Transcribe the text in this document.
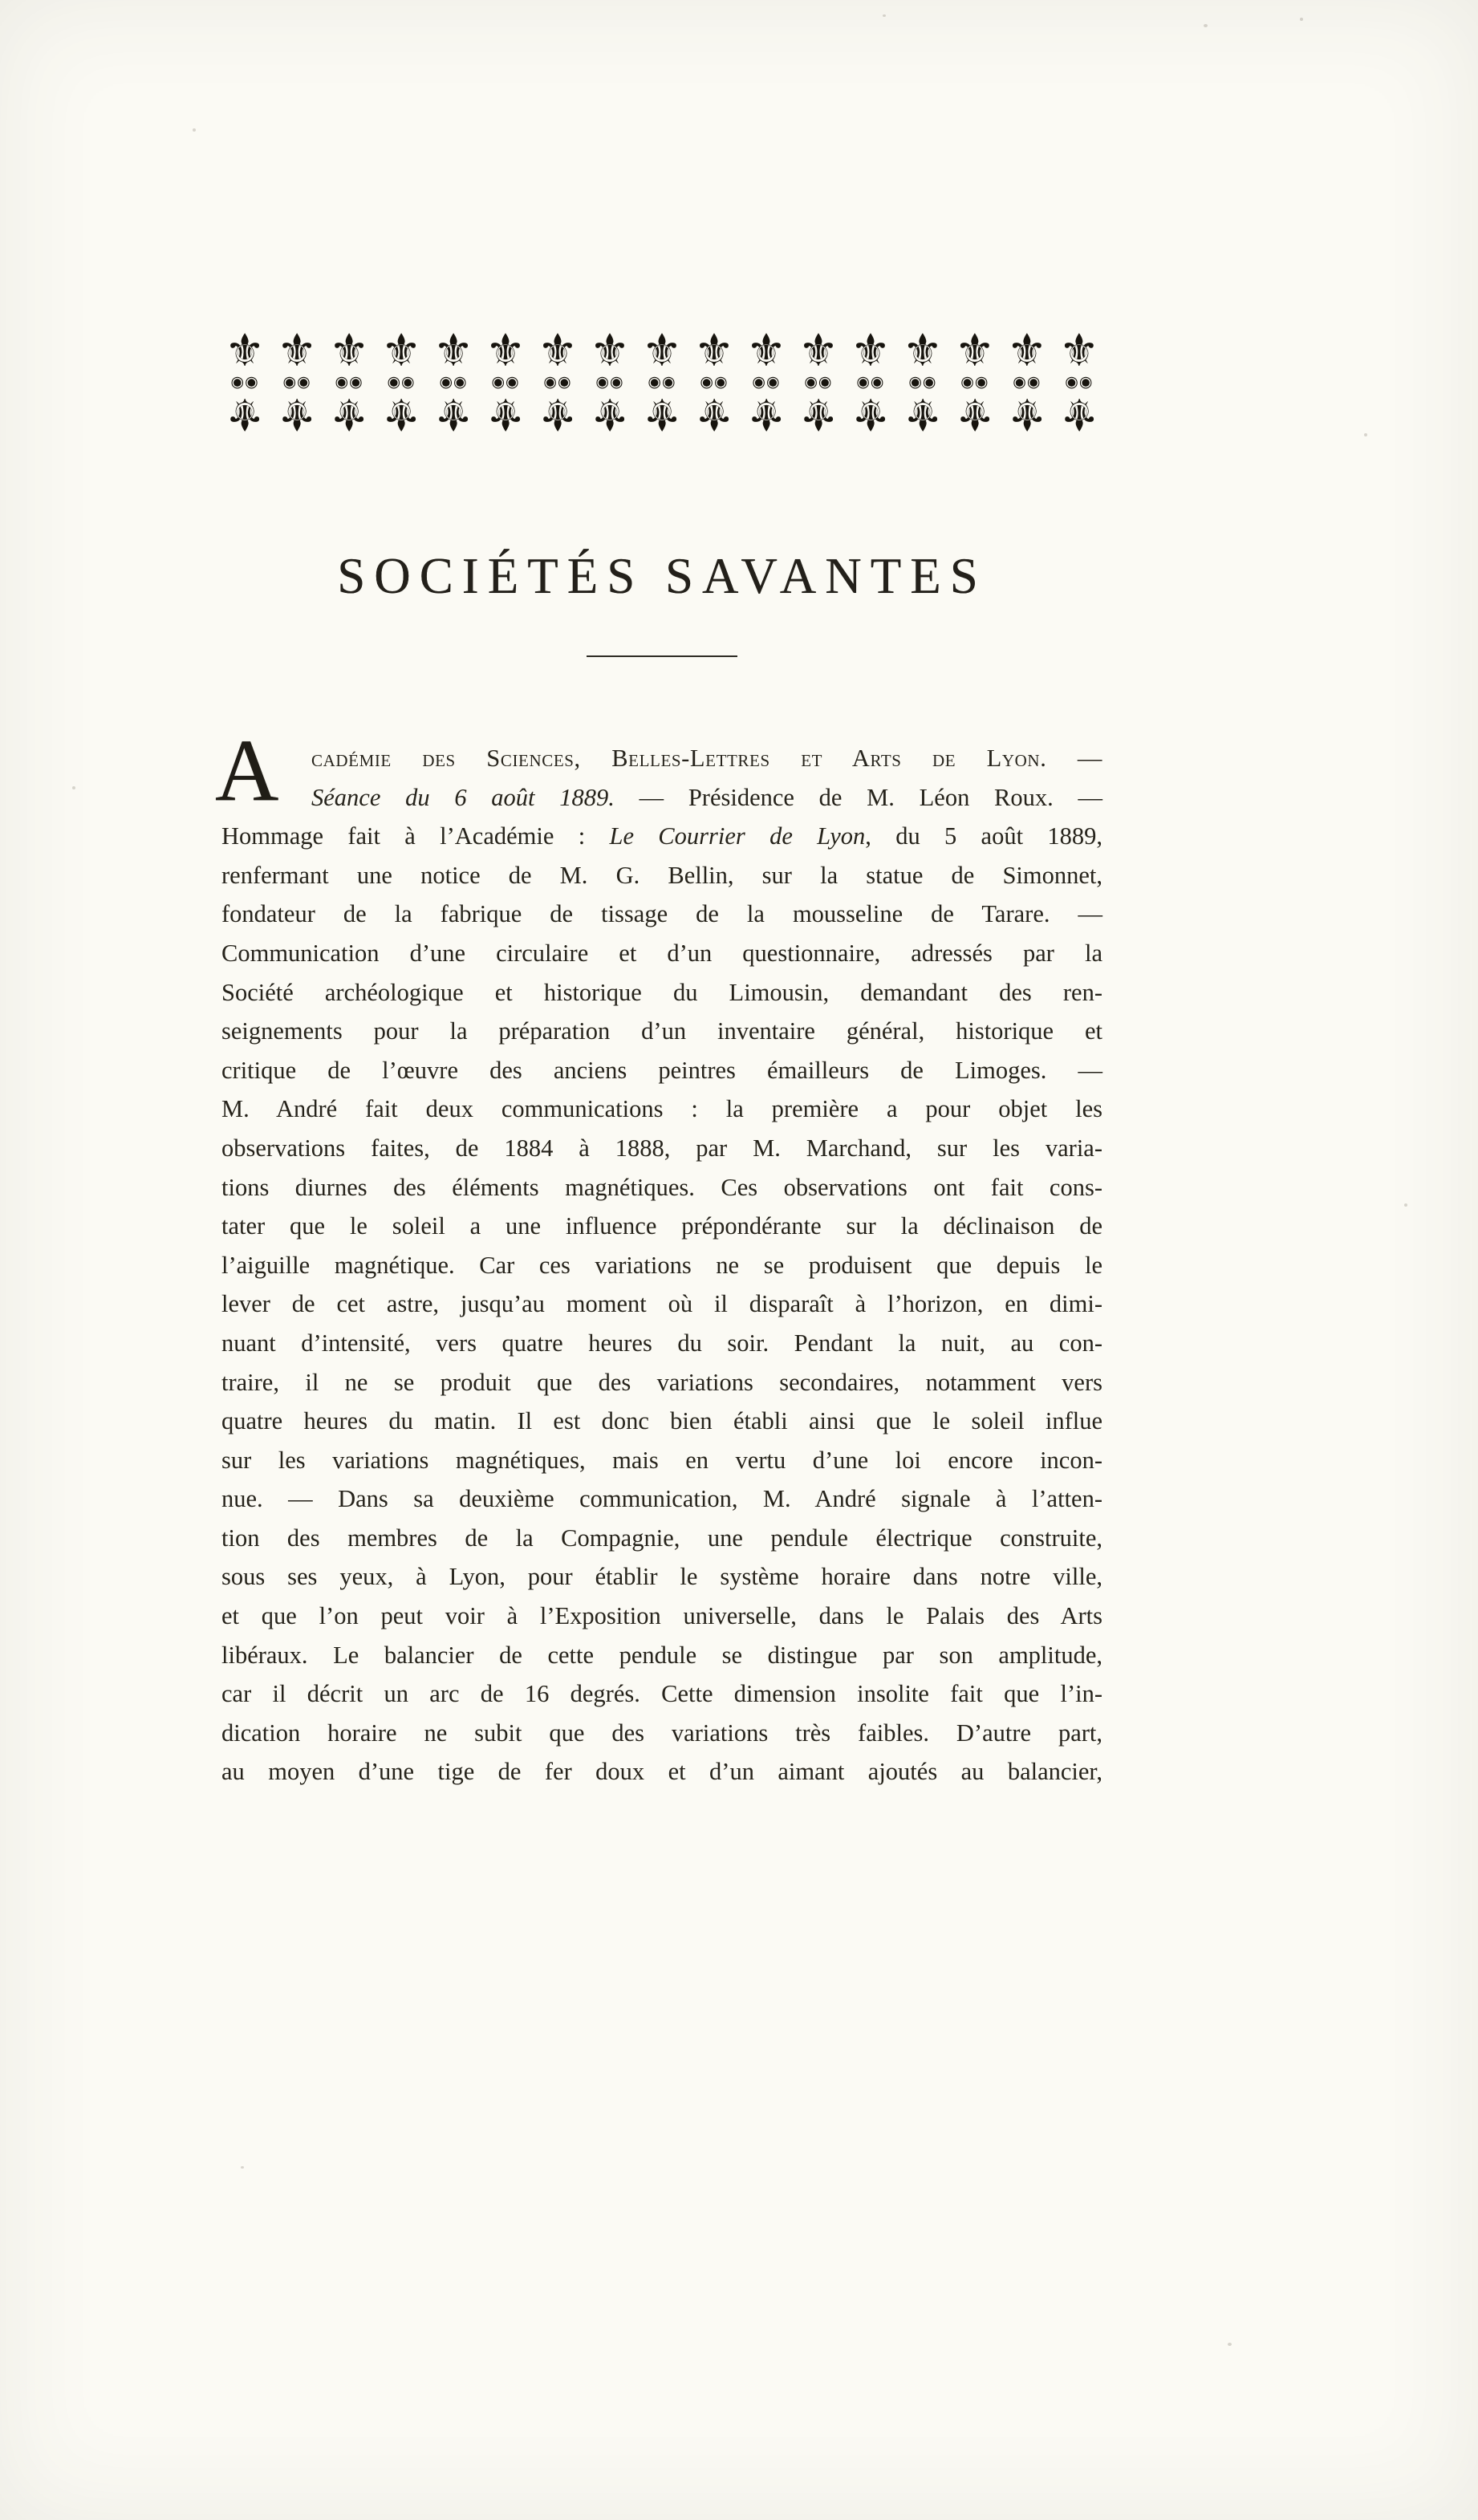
⚜
◉◉
⚜
⚜
◉◉
⚜
⚜
◉◉
⚜
⚜
◉◉
⚜
⚜
◉◉
⚜
⚜
◉◉
⚜
⚜
◉◉
⚜
⚜
◉◉
⚜
⚜
◉◉
⚜
⚜
◉◉
⚜
⚜
◉◉
⚜
⚜
◉◉
⚜
⚜
◉◉
⚜
⚜
◉◉
⚜
⚜
◉◉
⚜
⚜
◉◉
⚜
⚜
◉◉
⚜
SOCIÉTÉS SAVANTES
A	cadémie des Sciences, Belles-Lettres et Arts de Lyon. —
Séance du 6 août 1889. — Présidence de M. Léon Roux. —
Hommage fait à l’Académie : Le Courrier de Lyon, du 5 août 1889,
renfermant une notice de M. G. Bellin, sur la statue de Simonnet,
fondateur de la fabrique de tissage de la mousseline de Tarare. —
Communication d’une circulaire et d’un questionnaire, adressés par la
Société archéologique et historique du Limousin, demandant des ren-
seignements pour la préparation d’un inventaire général, historique et
critique de l’œuvre des anciens peintres émailleurs de Limoges. —
M. André fait deux communications : la première a pour objet les
observations faites, de 1884 à 1888, par M. Marchand, sur les varia-
tions diurnes des éléments magnétiques. Ces observations ont fait cons-
tater que le soleil a une influence prépondérante sur la déclinaison de
l’aiguille magnétique. Car ces variations ne se produisent que depuis le
lever de cet astre, jusqu’au moment où il disparaît à l’horizon, en dimi-
nuant d’intensité, vers quatre heures du soir. Pendant la nuit, au con-
traire, il ne se produit que des variations secondaires, notamment vers
quatre heures du matin. Il est donc bien établi ainsi que le soleil influe
sur les variations magnétiques, mais en vertu d’une loi encore incon-
nue. — Dans sa deuxième communication, M. André signale à l’atten-
tion des membres de la Compagnie, une pendule électrique construite,
sous ses yeux, à Lyon, pour établir le système horaire dans notre ville,
et que l’on peut voir à l’Exposition universelle, dans le Palais des Arts
libéraux. Le balancier de cette pendule se distingue par son amplitude,
car il décrit un arc de 16 degrés. Cette dimension insolite fait que l’in-
dication horaire ne subit que des variations très faibles. D’autre part,
au moyen d’une tige de fer doux et d’un aimant ajoutés au balancier,
